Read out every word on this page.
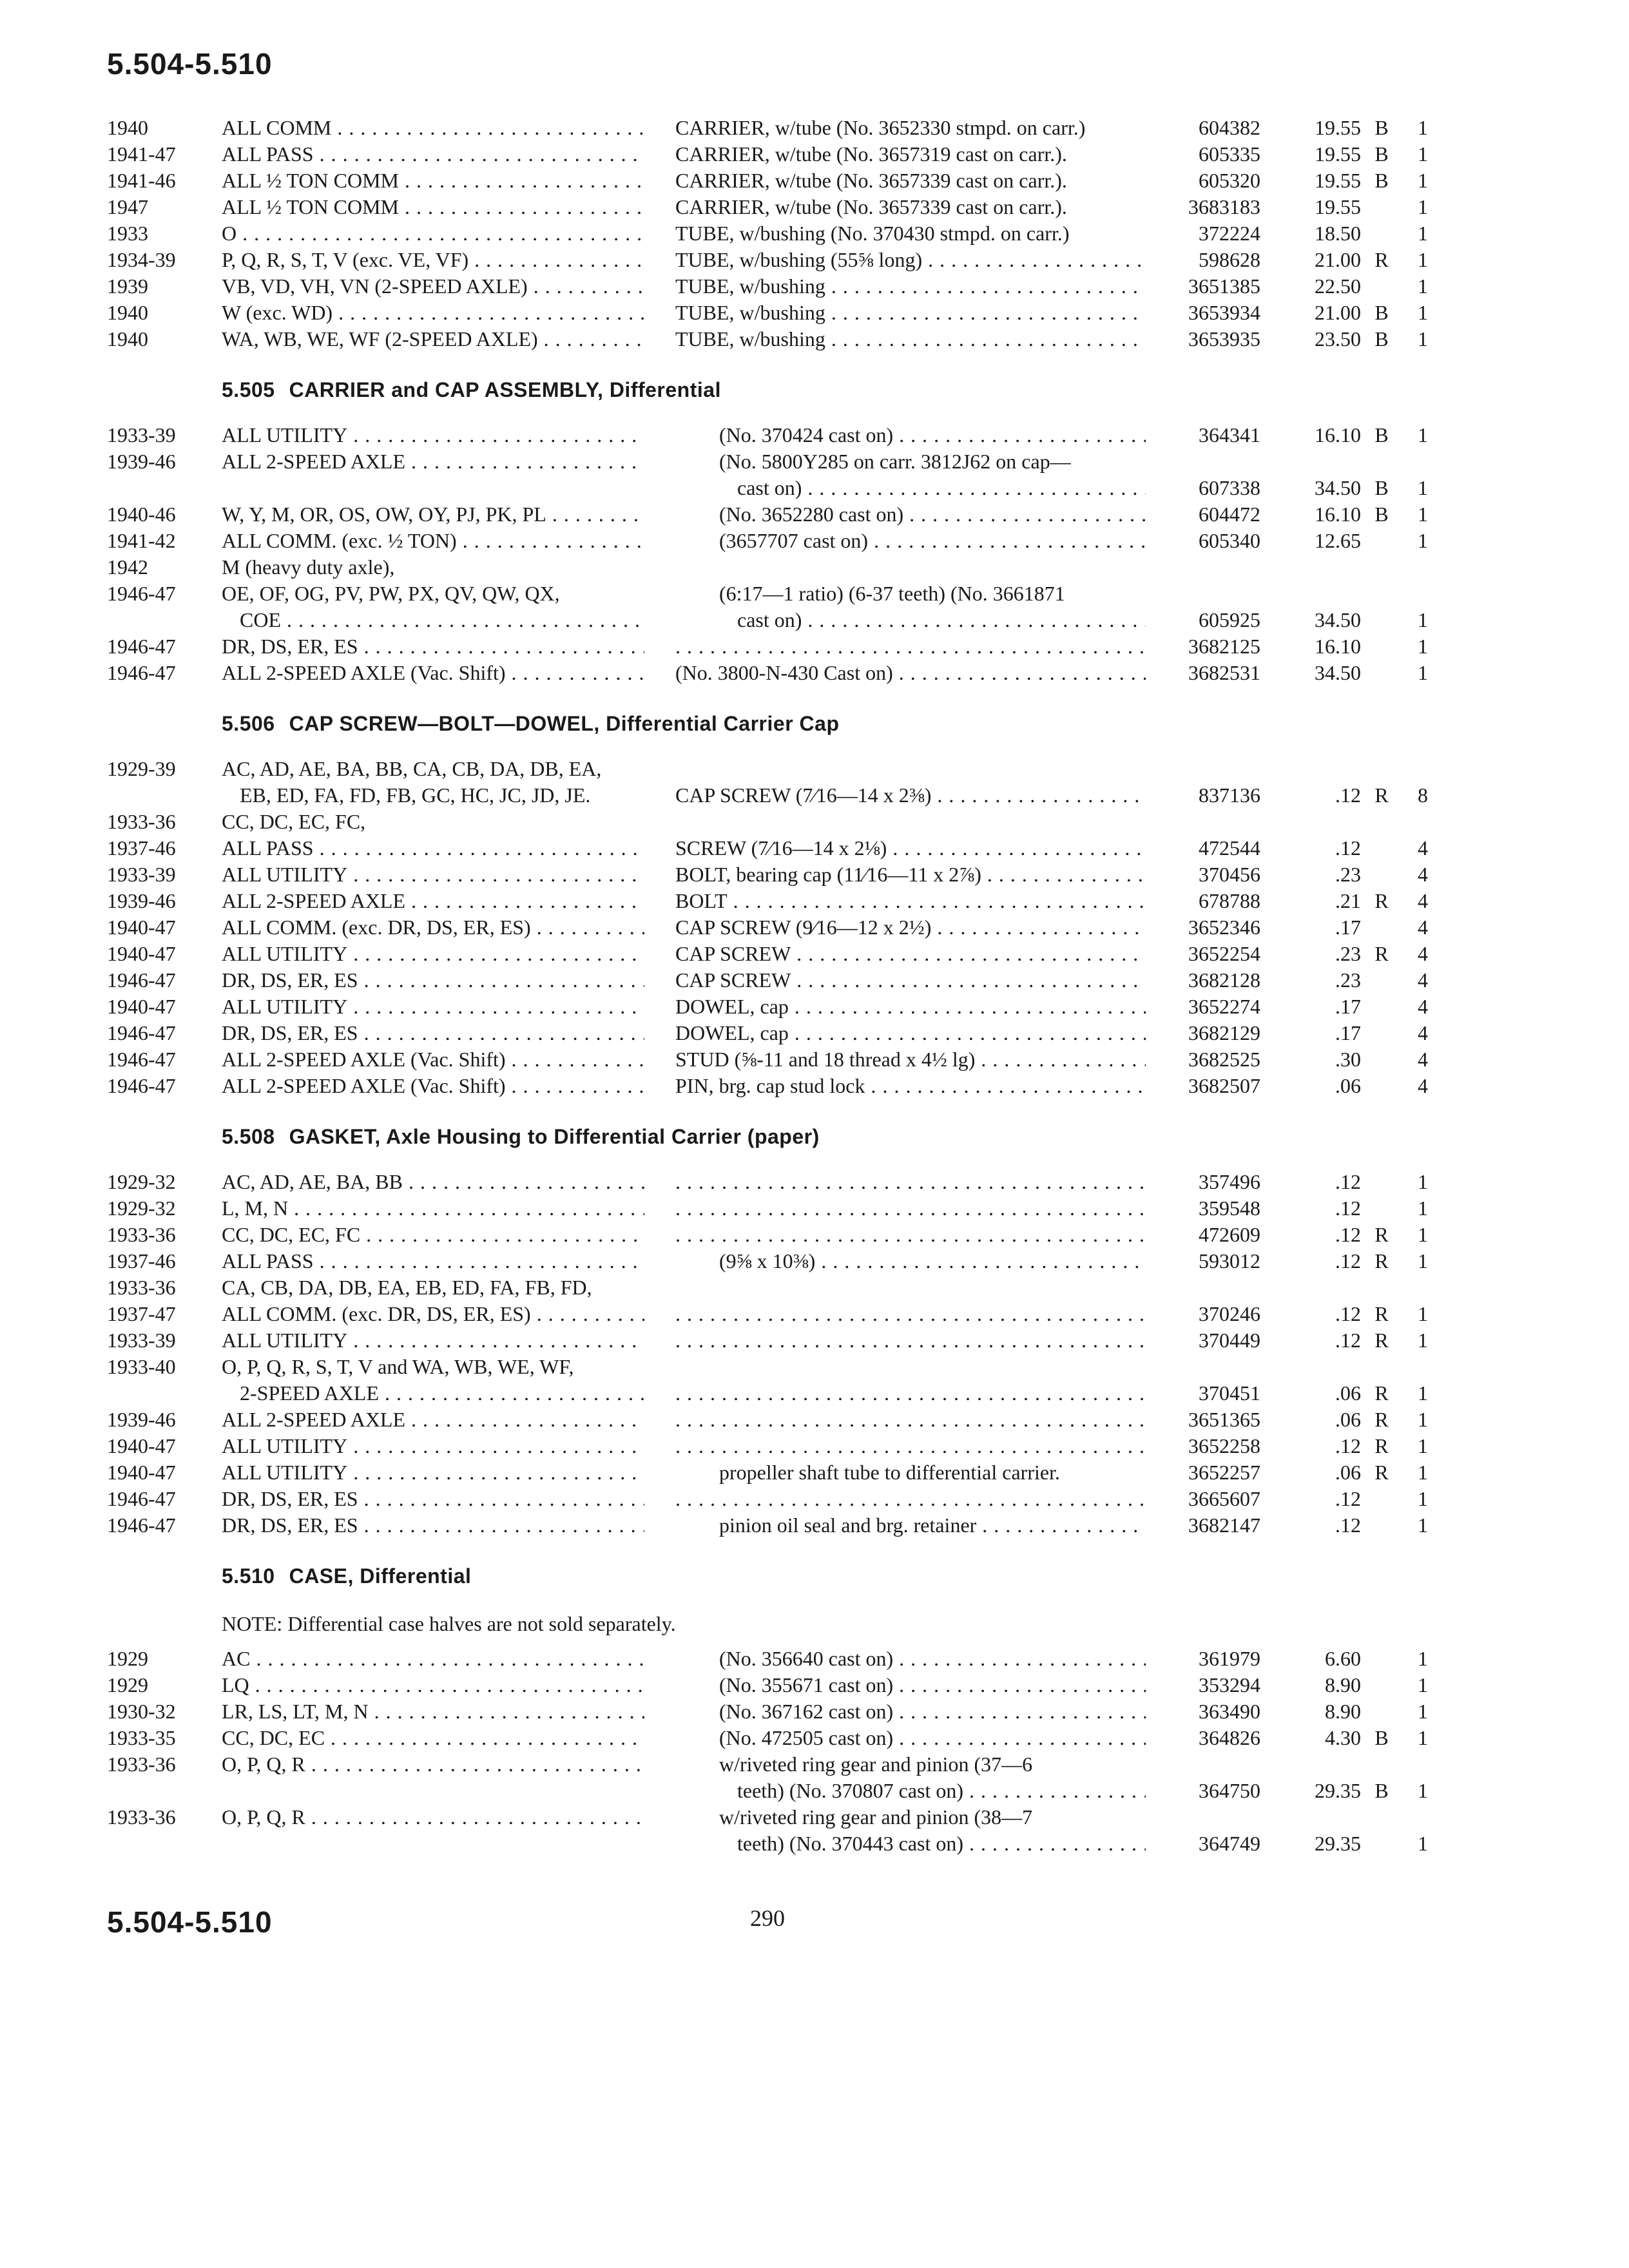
5.504-5.510
1940	ALL COMM . . .	CARRIER, w/tube (No. 3652330 stmpd. on carr.)	604382	19.55 B	1
1941-47	ALL PASS . . .	CARRIER, w/tube (No. 3657319 cast on carr.).	605335	19.55 B	1
1941-46	ALL ½ TON COMM . . .	CARRIER, w/tube (No. 3657339 cast on carr.).	605320	19.55 B	1
1947	ALL ½ TON COMM . . .	CARRIER, w/tube (No. 3657339 cast on carr.).	3683183	19.55	1
1933	O . . .	TUBE, w/bushing (No. 370430 stmpd. on carr.)	372224	18.50	1
1934-39	P, Q, R, S, T, V (exc. VE, VF) . . .	TUBE, w/bushing (55⅝ long) . . .	598628	21.00 R	1
1939	VB, VD, VH, VN (2-SPEED AXLE) . . .	TUBE, w/bushing . . .	3651385	22.50	1
1940	W (exc. WD) . . .	TUBE, w/bushing . . .	3653934	21.00 B	1
1940	WA, WB, WE, WF (2-SPEED AXLE) . . .	TUBE, w/bushing . . .	3653935	23.50 B	1
5.505 CARRIER and CAP ASSEMBLY, Differential
1933-39	ALL UTILITY . . .	(No. 370424 cast on) . . .	364341	16.10 B	1
1939-46	ALL 2-SPEED AXLE . . .	(No. 5800Y285 on carr. 3812J62 on cap—
cast on) . . .	607338	34.50 B	1
1940-46	W, Y, M, OR, OS, OW, OY, PJ, PK, PL . . .	(No. 3652280 cast on) . . .	604472	16.10 B	1
1941-42	ALL COMM. (exc. ½ TON) . . .	(3657707 cast on) . . .	605340	12.65	1
1942	M (heavy duty axle),
1946-47	OE, OF, OG, PV, PW, PX, QV, QW, QX,	(6:17—1 ratio) (6-37 teeth) (No. 3661871
COE . . .	cast on) . . .	605925	34.50	1
1946-47	DR, DS, ER, ES . . . . . .	3682125	16.10	1
1946-47	ALL 2-SPEED AXLE (Vac. Shift) . . .	(No. 3800-N-430 Cast on) . . .	3682531	34.50	1
5.506 CAP SCREW—BOLT—DOWEL, Differential Carrier Cap
1929-39	AC, AD, AE, BA, BB, CA, CB, DA, DB, EA,
EB, ED, FA, FD, FB, GC, HC, JC, JD, JE.	CAP SCREW (7⁄16—14 x 2⅜) . . .	837136	.12 R	8
1933-36	CC, DC, EC, FC,
1937-46	ALL PASS . . .	SCREW (7⁄16—14 x 2⅛) . . .	472544	.12	4
1933-39	ALL UTILITY . . .	BOLT, bearing cap (11⁄16—11 x 2⅞) . . .	370456	.23	4
1939-46	ALL 2-SPEED AXLE . . .	BOLT . . .	678788	.21 R	4
1940-47	ALL COMM. (exc. DR, DS, ER, ES) . . .	CAP SCREW (9⁄16—12 x 2½) . . .	3652346	.17	4
1940-47	ALL UTILITY . . .	CAP SCREW . . .	3652254	.23 R	4
1946-47	DR, DS, ER, ES . . .	CAP SCREW . . .	3682128	.23	4
1940-47	ALL UTILITY . . .	DOWEL, cap . . .	3652274	.17	4
1946-47	DR, DS, ER, ES . . .	DOWEL, cap . . .	3682129	.17	4
1946-47	ALL 2-SPEED AXLE (Vac. Shift) . . .	STUD (⅝-11 and 18 thread x 4½ lg) . . .	3682525	.30	4
1946-47	ALL 2-SPEED AXLE (Vac. Shift) . . .	PIN, brg. cap stud lock . . .	3682507	.06	4
5.508 GASKET, Axle Housing to Differential Carrier (paper)
1929-32	AC, AD, AE, BA, BB . . . . . .	357496	.12	1
1929-32	L, M, N . . . . . .	359548	.12	1
1933-36	CC, DC, EC, FC . . . . . .	472609	.12 R	1
1937-46	ALL PASS . . .	(9⅝ x 10⅜) . . .	593012	.12 R	1
1933-36	CA, CB, DA, DB, EA, EB, ED, FA, FB, FD,
1937-47	ALL COMM. (exc. DR, DS, ER, ES) . . . . . .	370246	.12 R	1
1933-39	ALL UTILITY . . . . . .	370449	.12 R	1
1933-40	O, P, Q, R, S, T, V and WA, WB, WE, WF,
2-SPEED AXLE . . . . . .	370451	.06 R	1
1939-46	ALL 2-SPEED AXLE . . . . . .	3651365	.06 R	1
1940-47	ALL UTILITY . . . . . .	3652258	.12 R	1
1940-47	ALL UTILITY . . .	propeller shaft tube to differential carrier.	3652257	.06 R	1
1946-47	DR, DS, ER, ES . . . . . .	3665607	.12	1
1946-47	DR, DS, ER, ES . . .	pinion oil seal and brg. retainer . . .	3682147	.12	1
5.510 CASE, Differential
NOTE: Differential case halves are not sold separately.
1929	AC . . .	(No. 356640 cast on) . . .	361979	6.60	1
1929	LQ . . .	(No. 355671 cast on) . . .	353294	8.90	1
1930-32	LR, LS, LT, M, N . . .	(No. 367162 cast on) . . .	363490	8.90	1
1933-35	CC, DC, EC . . .	(No. 472505 cast on) . . .	364826	4.30 B	1
1933-36	O, P, Q, R . . .	w/riveted ring gear and pinion (37—6
teeth) (No. 370807 cast on) . . .	364750	29.35 B	1
1933-36	O, P, Q, R . . .	w/riveted ring gear and pinion (38—7
teeth) (No. 370443 cast on) . . .	364749	29.35	1
5.504-5.510	290
